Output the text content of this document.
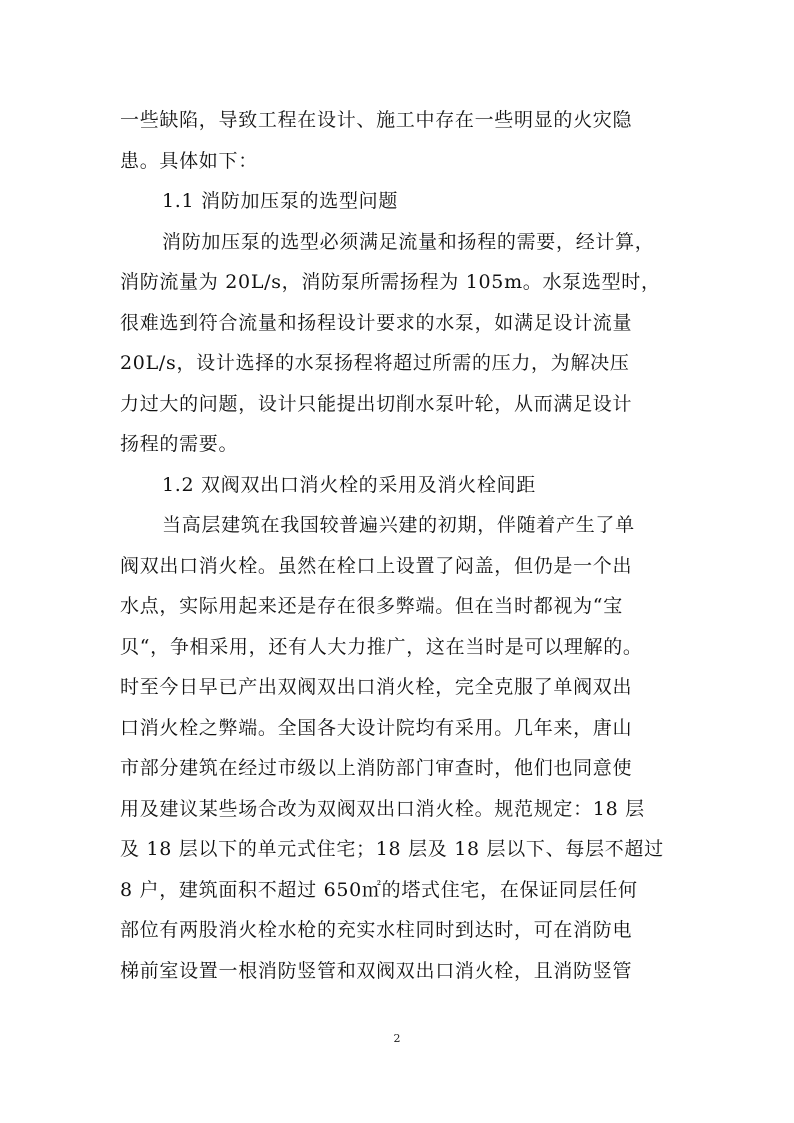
一些缺陷，导致工程在设计、施工中存在一些明显的火灾隐
患。具体如下：
1.1 消防加压泵的选型问题
消防加压泵的选型必须满足流量和扬程的需要，经计算，
消防流量为 20L/s，消防泵所需扬程为 105m。水泵选型时，
很难选到符合流量和扬程设计要求的水泵，如满足设计流量
20L/s，设计选择的水泵扬程将超过所需的压力，为解决压
力过大的问题，设计只能提出切削水泵叶轮，从而满足设计
扬程的需要。
1.2 双阀双出口消火栓的采用及消火栓间距
当高层建筑在我国较普遍兴建的初期，伴随着产生了单
阀双出口消火栓。虽然在栓口上设置了闷盖，但仍是一个出
水点，实际用起来还是存在很多弊端。但在当时都视为“宝
贝“，争相采用，还有人大力推广，这在当时是可以理解的。
时至今日早已产出双阀双出口消火栓，完全克服了单阀双出
口消火栓之弊端。全国各大设计院均有采用。几年来，唐山
市部分建筑在经过市级以上消防部门审查时，他们也同意使
用及建议某些场合改为双阀双出口消火栓。规范规定：18 层
及 18 层以下的单元式住宅；18 层及 18 层以下、每层不超过
8 户，建筑面积不超过 650㎡的塔式住宅，在保证同层任何
部位有两股消火栓水枪的充实水柱同时到达时，可在消防电
梯前室设置一根消防竖管和双阀双出口消火栓，且消防竖管
2
